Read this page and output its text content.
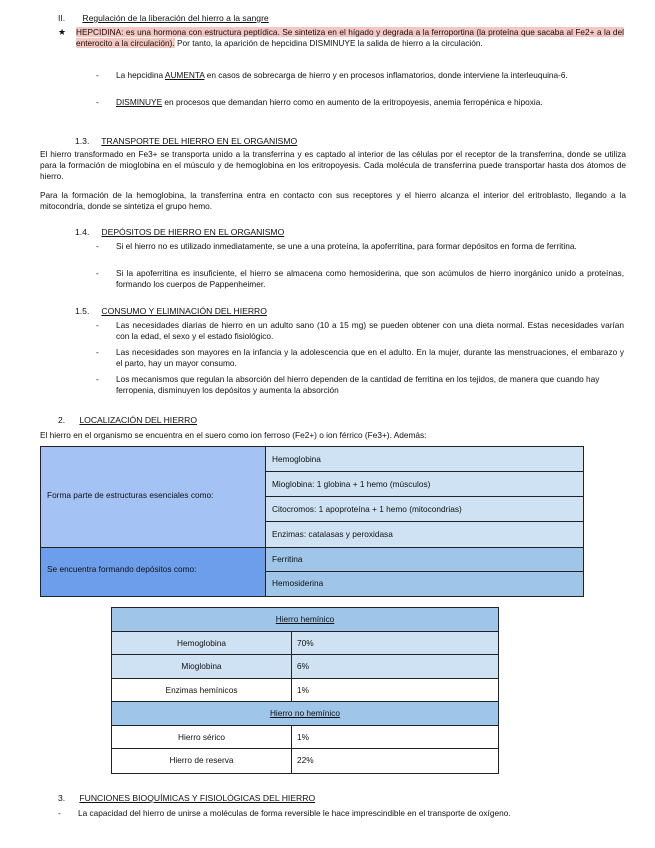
II. Regulación de la liberación del hierro a la sangre
★ HEPCIDINA: es una hormona con estructura peptídica. Se sintetiza en el hígado y degrada a la ferroportina (la proteína que sacaba al Fe2+ a la del enterocito a la circulación). Por tanto, la aparición de hepcidina DISMINUYE la salida de hierro a la circulación.
- La hepcidina AUMENTA en casos de sobrecarga de hierro y en procesos inflamatorios, donde interviene la interleuquina-6.
- DISMINUYE en procesos que demandan hierro como en aumento de la eritropoyesis, anemia ferropénica e hipoxia.
1.3. TRANSPORTE DEL HIERRO EN EL ORGANISMO
El hierro transformado en Fe3+ se transporta unido a la transferrina y es captado al interior de las células por el receptor de la transferrina, donde se utiliza para la formación de mioglobina en el músculo y de hemoglobina en los eritropoyesis. Cada molécula de transferrina puede transportar hasta dos átomos de hierro.
Para la formación de la hemoglobina, la transferrina entra en contacto con sus receptores y el hierro alcanza el interior del eritroblasto, llegando a la mitocondria, donde se sintetiza el grupo hemo.
1.4. DEPÓSITOS DE HIERRO EN EL ORGANISMO
- Si el hierro no es utilizado inmediatamente, se une a una proteína, la apoferritina, para formar depósitos en forma de ferritina.
- Si la apoferritina es insuficiente, el hierro se almacena como hemosiderina, que son acúmulos de hierro inorgánico unido a proteínas, formando los cuerpos de Pappenheimer.
1.5. CONSUMO Y ELIMINACIÓN DEL HIERRO
- Las necesidades diarias de hierro en un adulto sano (10 a 15 mg) se pueden obtener con una dieta normal. Estas necesidades varían con la edad, el sexo y el estado fisiológico.
- Las necesidades son mayores en la infancia y la adolescencia que en el adulto. En la mujer, durante las menstruaciones, el embarazo y el parto, hay un mayor consumo.
- Los mecanismos que regulan la absorción del hierro dependen de la cantidad de ferritina en los tejidos, de manera que cuando hay ferropenia, disminuyen los depósitos y aumenta la absorción
2. LOCALIZACIÓN DEL HIERRO
El hierro en el organismo se encuentra en el suero como ion ferroso (Fe2+) o ion férrico (Fe3+). Además:
Forma parte de estructuras esenciales como:
Hemoglobina
Mioglobina: 1 globina + 1 hemo (músculos)
Citocromos: 1 apoproteína + 1 hemo (mitocondrias)
Enzimas: catalasas y peroxidasa
Se encuentra formando depósitos como:
Ferritina
Hemosiderina
Hierro hemínico
Hemoglobina	70%
Mioglobina	6%
Enzimas hemínicos	1%
Hierro no hemínico
Hierro sérico	1%
Hierro de reserva	22%
3. FUNCIONES BIOQUÍMICAS Y FISIOLÓGICAS DEL HIERRO
- La capacidad del hierro de unirse a moléculas de forma reversible le hace imprescindible en el transporte de oxígeno.
